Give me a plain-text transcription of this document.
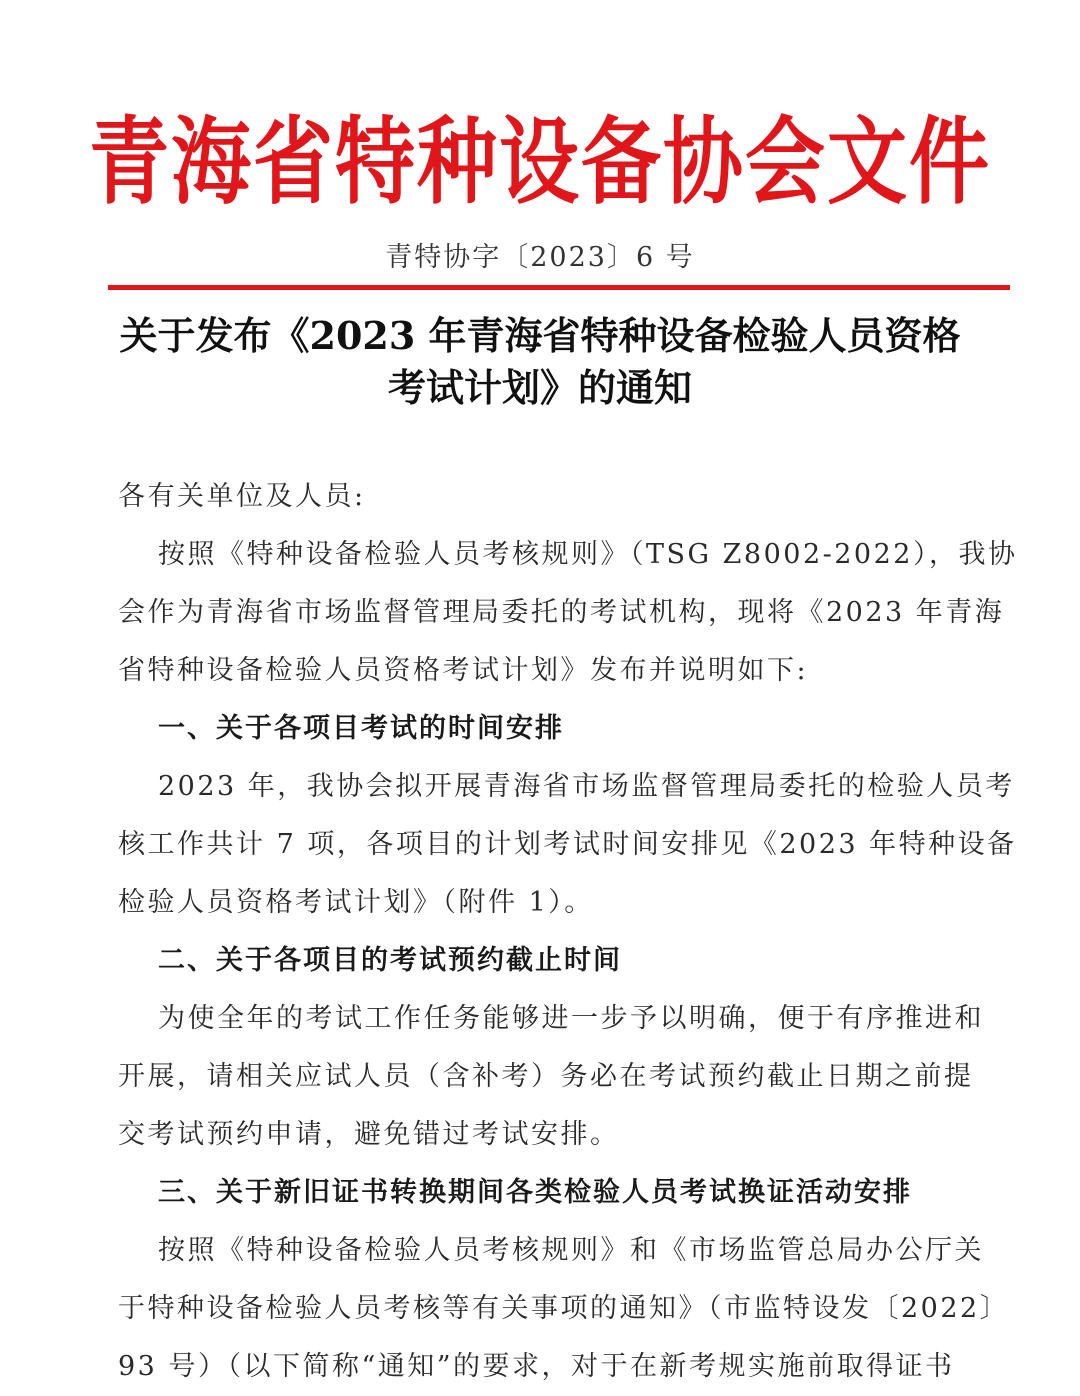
青海省特种设备协会文件
青特协字〔2023〕6 号
关于发布《2023 年青海省特种设备检验人员资格
考试计划》的通知
各有关单位及人员:
按照《特种设备检验人员考核规则》（TSG Z8002-2022），我协
会作为青海省市场监督管理局委托的考试机构，现将《2023 年青海
省特种设备检验人员资格考试计划》发布并说明如下:
一、关于各项目考试的时间安排
2023 年，我协会拟开展青海省市场监督管理局委托的检验人员考
核工作共计 7 项，各项目的计划考试时间安排见《2023 年特种设备
检验人员资格考试计划》（附件 1）。
二、关于各项目的考试预约截止时间
为使全年的考试工作任务能够进一步予以明确，便于有序推进和
开展，请相关应试人员（含补考）务必在考试预约截止日期之前提
交考试预约申请，避免错过考试安排。
三、关于新旧证书转换期间各类检验人员考试换证活动安排
按照《特种设备检验人员考核规则》和《市场监管总局办公厅关
于特种设备检验人员考核等有关事项的通知》（市监特设发〔2022〕
93 号）（以下简称“通知”的要求，对于在新考规实施前取得证书
